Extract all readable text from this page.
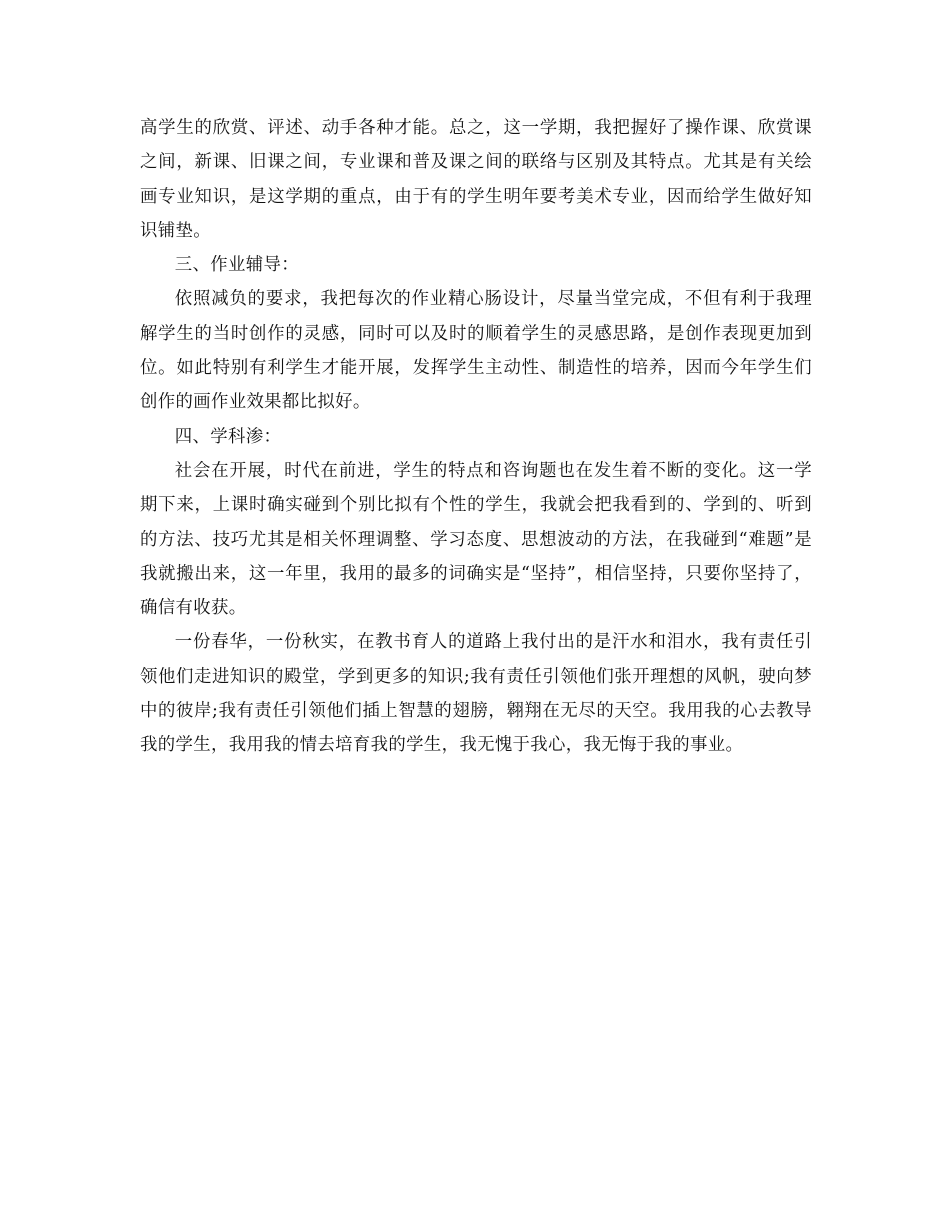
高学生的欣赏、评述、动手各种才能。总之，这一学期，我把握好了操作课、欣赏课之间，新课、旧课之间，专业课和普及课之间的联络与区别及其特点。尤其是有关绘画专业知识，是这学期的重点，由于有的学生明年要考美术专业，因而给学生做好知识铺垫。

三、作业辅导：

依照减负的要求，我把每次的作业精心肠设计，尽量当堂完成，不但有利于我理解学生的当时创作的灵感，同时可以及时的顺着学生的灵感思路，是创作表现更加到位。如此特别有利学生才能开展，发挥学生主动性、制造性的培养，因而今年学生们创作的画作业效果都比拟好。

四、学科渗：

社会在开展，时代在前进，学生的特点和咨询题也在发生着不断的变化。这一学期下来，上课时确实碰到个别比拟有个性的学生，我就会把我看到的、学到的、听到的方法、技巧尤其是相关怀理调整、学习态度、思想波动的方法，在我碰到“难题”是我就搬出来，这一年里，我用的最多的词确实是“坚持”，相信坚持，只要你坚持了，确信有收获。

一份春华，一份秋实，在教书育人的道路上我付出的是汗水和泪水，我有责任引领他们走进知识的殿堂，学到更多的知识;我有责任引领他们张开理想的风帆，驶向梦中的彼岸;我有责任引领他们插上智慧的翅膀，翱翔在无尽的天空。我用我的心去教导我的学生，我用我的情去培育我的学生，我无愧于我心，我无悔于我的事业。
